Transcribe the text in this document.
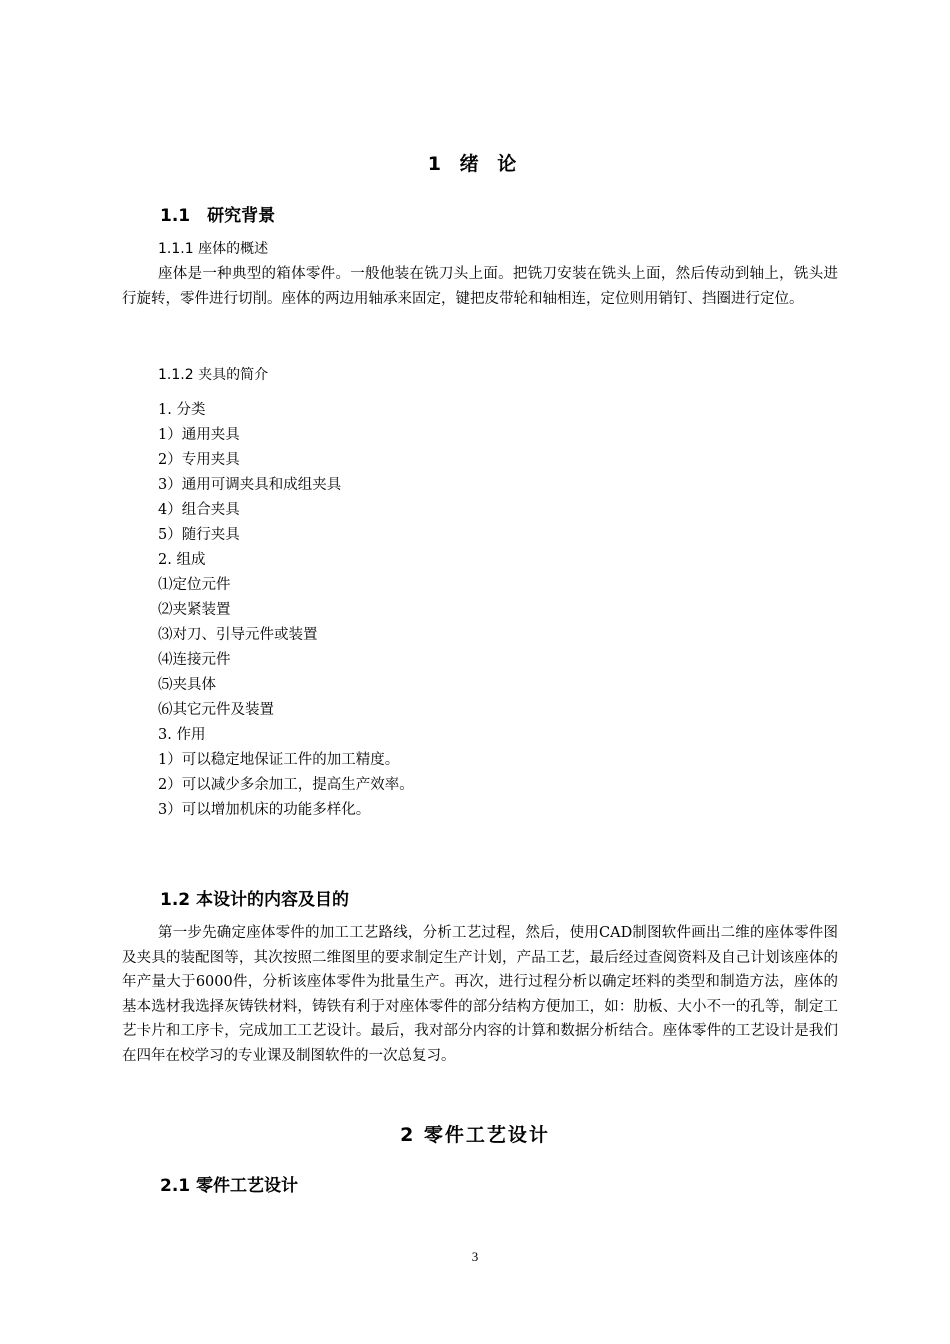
1 绪 论
1.1　研究背景
1.1.1 座体的概述
座体是一种典型的箱体零件。一般他装在铣刀头上面。把铣刀安装在铣头上面，然后传动到轴上，铣头进行旋转，零件进行切削。座体的两边用轴承来固定，键把皮带轮和轴相连，定位则用销钉、挡圈进行定位。
1.1.2 夹具的简介
1. 分类
1）通用夹具
2）专用夹具
3）通用可调夹具和成组夹具
4）组合夹具
5）随行夹具
2. 组成
⑴定位元件
⑵夹紧装置
⑶对刀、引导元件或装置
⑷连接元件
⑸夹具体
⑹其它元件及装置
3. 作用
1）可以稳定地保证工件的加工精度。
2）可以减少多余加工，提高生产效率。
3）可以增加机床的功能多样化。
1.2 本设计的内容及目的
第一步先确定座体零件的加工工艺路线，分析工艺过程，然后，使用CAD制图软件画出二维的座体零件图及夹具的装配图等，其次按照二维图里的要求制定生产计划，产品工艺，最后经过查阅资料及自己计划该座体的年产量大于6000件，分析该座体零件为批量生产。再次，进行过程分析以确定坯料的类型和制造方法，座体的基本选材我选择灰铸铁材料，铸铁有利于对座体零件的部分结构方便加工，如：肋板、大小不一的孔等，制定工艺卡片和工序卡，完成加工工艺设计。最后，我对部分内容的计算和数据分析结合。座体零件的工艺设计是我们在四年在校学习的专业课及制图软件的一次总复习。
2 零件工艺设计
2.1 零件工艺设计
3
